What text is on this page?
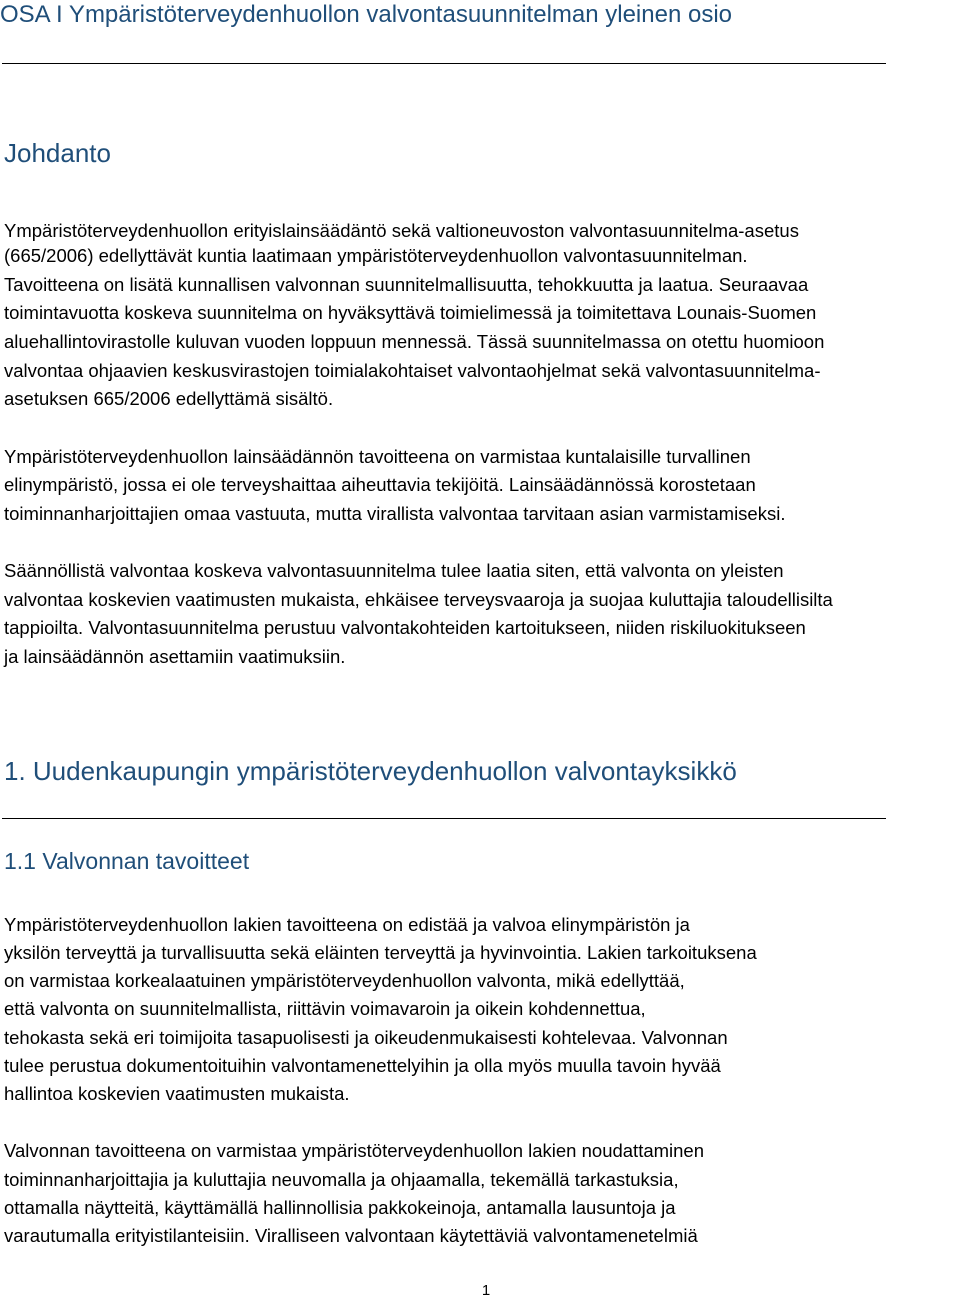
OSA I Ympäristöterveydenhuollon valvontasuunnitelman yleinen osio
Johdanto
Ympäristöterveydenhuollon erityislainsäädäntö sekä valtioneuvoston valvontasuunnitelma-asetus
(665/2006) edellyttävät kuntia laatimaan ympäristöterveydenhuollon valvontasuunnitelman.
Tavoitteena on lisätä kunnallisen valvonnan suunnitelmallisuutta, tehokkuutta ja laatua. Seuraavaa
toimintavuotta koskeva suunnitelma on hyväksyttävä toimielimessä ja toimitettava Lounais-Suomen
aluehallintovirastolle kuluvan vuoden loppuun mennessä. Tässä suunnitelmassa on otettu huomioon
valvontaa ohjaavien keskusvirastojen toimialakohtaiset valvontaohjelmat sekä valvontasuunnitelma-
asetuksen 665/2006 edellyttämä sisältö.
Ympäristöterveydenhuollon lainsäädännön tavoitteena on varmistaa kuntalaisille turvallinen
elinympäristö, jossa ei ole terveyshaittaa aiheuttavia tekijöitä. Lainsäädännössä korostetaan
toiminnanharjoittajien omaa vastuuta, mutta virallista valvontaa tarvitaan asian varmistamiseksi.
Säännöllistä valvontaa koskeva valvontasuunnitelma tulee laatia siten, että valvonta on yleisten
valvontaa koskevien vaatimusten mukaista, ehkäisee terveysvaaroja ja suojaa kuluttajia taloudellisilta
tappioilta. Valvontasuunnitelma perustuu valvontakohteiden kartoitukseen, niiden riskiluokitukseen
ja lainsäädännön asettamiin vaatimuksiin.
1. Uudenkaupungin ympäristöterveydenhuollon valvontayksikkö
1.1 Valvonnan tavoitteet
Ympäristöterveydenhuollon lakien tavoitteena on edistää ja valvoa elinympäristön ja
yksilön terveyttä ja turvallisuutta sekä eläinten terveyttä ja hyvinvointia. Lakien tarkoituksena
on varmistaa korkealaatuinen ympäristöterveydenhuollon valvonta, mikä edellyttää,
että valvonta on suunnitelmallista, riittävin voimavaroin ja oikein kohdennettua,
tehokasta sekä eri toimijoita tasapuolisesti ja oikeudenmukaisesti kohtelevaa. Valvonnan
tulee perustua dokumentoituihin valvontamenettelyihin ja olla myös muulla tavoin hyvää
hallintoa koskevien vaatimusten mukaista.
Valvonnan tavoitteena on varmistaa ympäristöterveydenhuollon lakien noudattaminen
toiminnanharjoittajia ja kuluttajia neuvomalla ja ohjaamalla, tekemällä tarkastuksia,
ottamalla näytteitä, käyttämällä hallinnollisia pakkokeinoja, antamalla lausuntoja ja
varautumalla erityistilanteisiin. Viralliseen valvontaan käytettäviä valvontamenetelmiä
1
